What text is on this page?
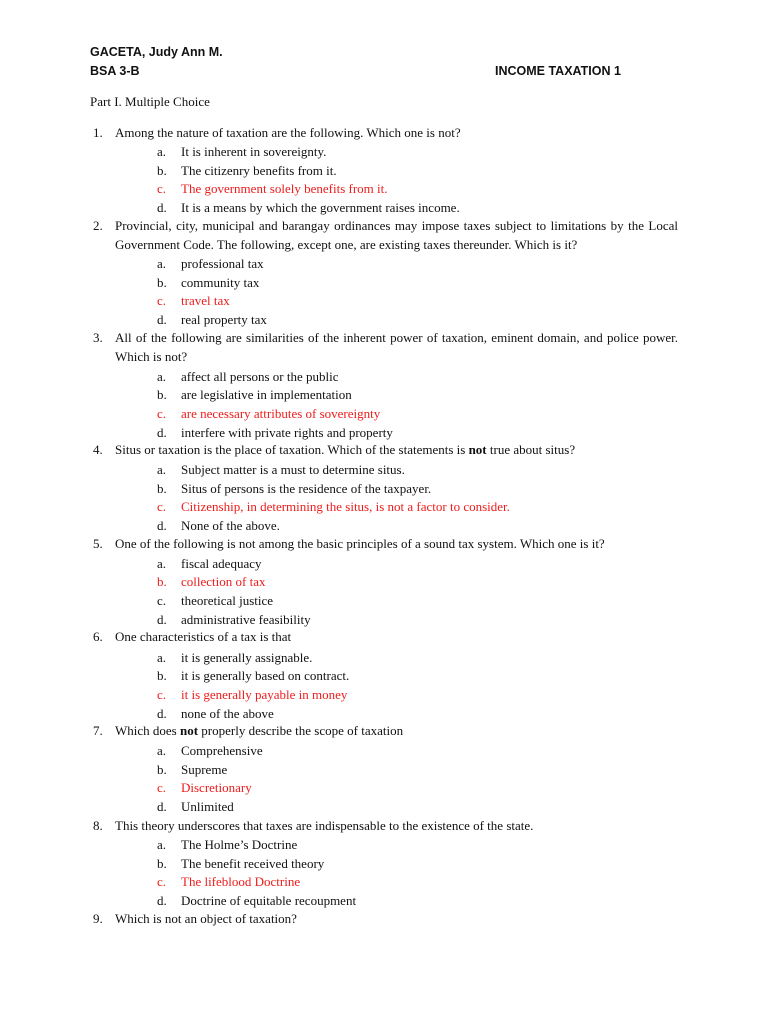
GACETA, Judy Ann M.
BSA 3-B	INCOME TAXATION 1
Part I. Multiple Choice
1. Among the nature of taxation are the following. Which one is not?
a. It is inherent in sovereignty.
b. The citizenry benefits from it.
c. The government solely benefits from it.
d. It is a means by which the government raises income.
2. Provincial, city, municipal and barangay ordinances may impose taxes subject to limitations by the Local Government Code. The following, except one, are existing taxes thereunder. Which is it?
a. professional tax
b. community tax
c. travel tax
d. real property tax
3. All of the following are similarities of the inherent power of taxation, eminent domain, and police power. Which is not?
a. affect all persons or the public
b. are legislative in implementation
c. are necessary attributes of sovereignty
d. interfere with private rights and property
4. Situs or taxation is the place of taxation. Which of the statements is not true about situs?
a. Subject matter is a must to determine situs.
b. Situs of persons is the residence of the taxpayer.
c. Citizenship, in determining the situs, is not a factor to consider.
d. None of the above.
5. One of the following is not among the basic principles of a sound tax system. Which one is it?
a. fiscal adequacy
b. collection of tax
c. theoretical justice
d. administrative feasibility
6. One characteristics of a tax is that
a. it is generally assignable.
b. it is generally based on contract.
c. it is generally payable in money
d. none of the above
7. Which does not properly describe the scope of taxation
a. Comprehensive
b. Supreme
c. Discretionary
d. Unlimited
8. This theory underscores that taxes are indispensable to the existence of the state.
a. The Holme’s Doctrine
b. The benefit received theory
c. The lifeblood Doctrine
d. Doctrine of equitable recoupment
9. Which is not an object of taxation?
